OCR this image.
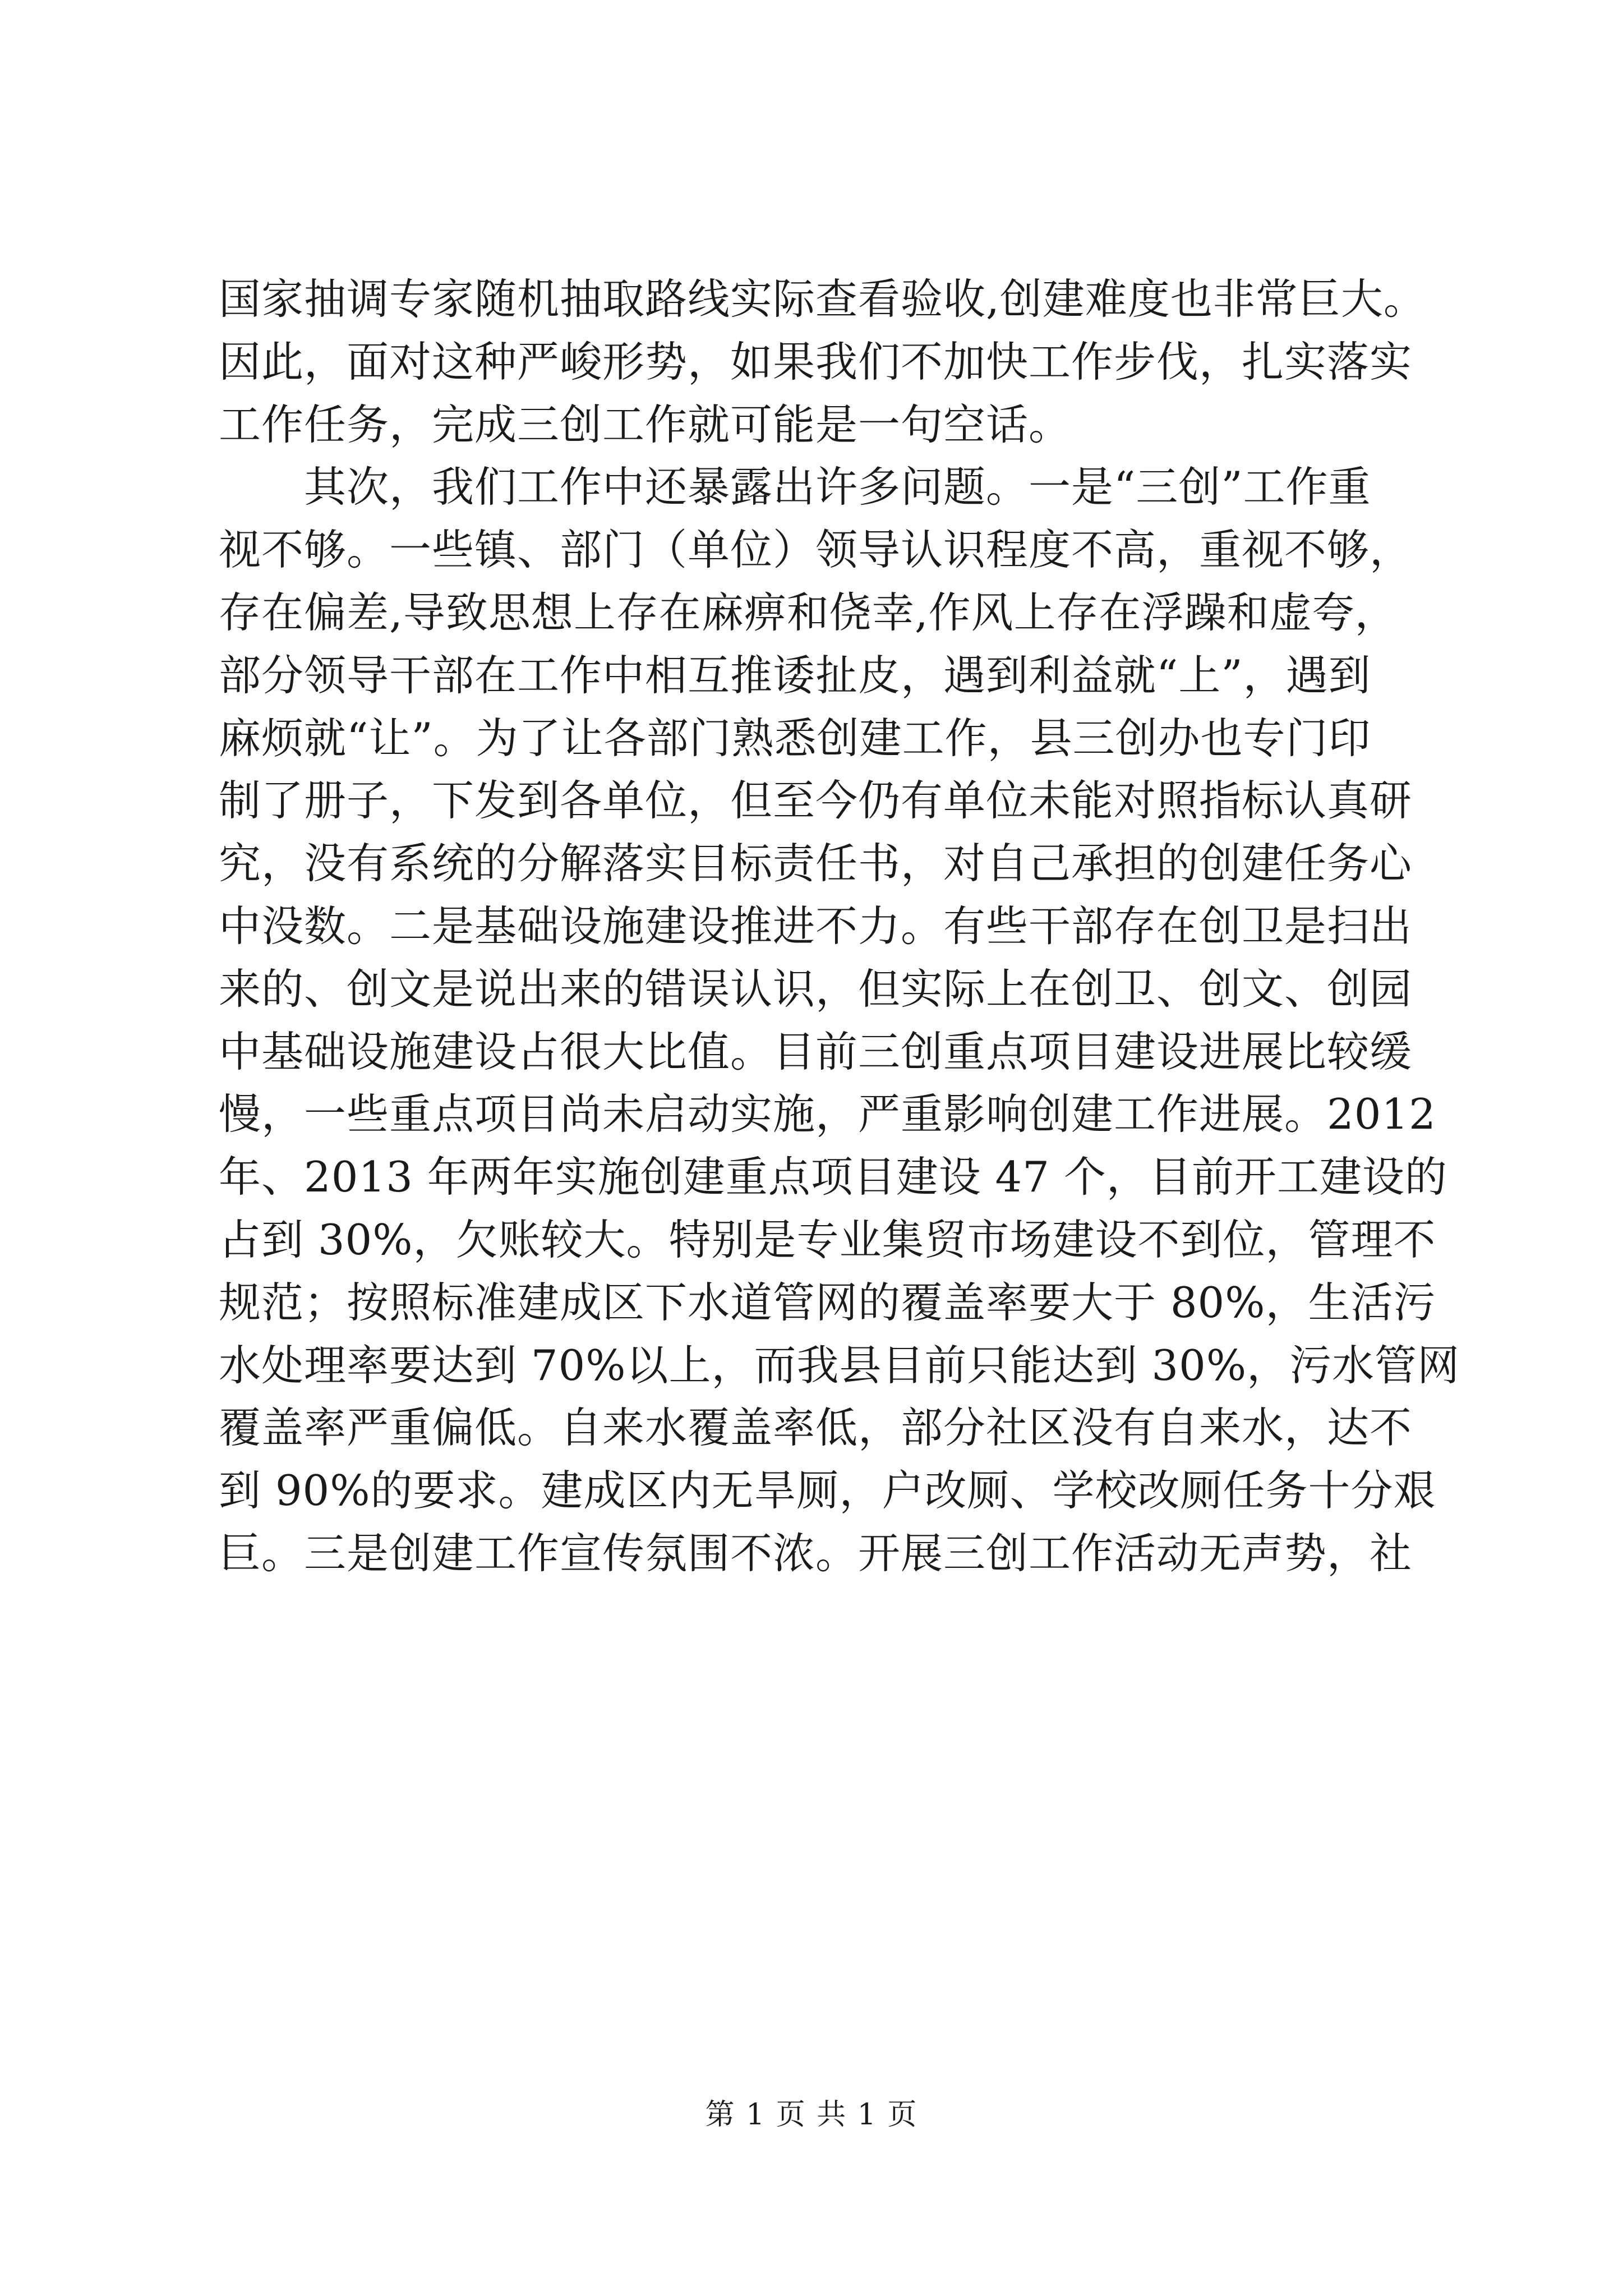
国家抽调专家随机抽取路线实际查看验收,创建难度也非常巨大。
因此，面对这种严峻形势，如果我们不加快工作步伐，扎实落实
工作任务，完成三创工作就可能是一句空话。
其次，我们工作中还暴露出许多问题。一是“三创”工作重
视不够。一些镇、部门（单位）领导认识程度不高，重视不够，
存在偏差,导致思想上存在麻痹和侥幸,作风上存在浮躁和虚夸，
部分领导干部在工作中相互推诿扯皮，遇到利益就“上”，遇到
麻烦就“让”。为了让各部门熟悉创建工作，县三创办也专门印
制了册子，下发到各单位，但至今仍有单位未能对照指标认真研
究，没有系统的分解落实目标责任书，对自己承担的创建任务心
中没数。二是基础设施建设推进不力。有些干部存在创卫是扫出
来的、创文是说出来的错误认识，但实际上在创卫、创文、创园
中基础设施建设占很大比值。目前三创重点项目建设进展比较缓
慢，一些重点项目尚未启动实施，严重影响创建工作进展。2012
年、2013 年两年实施创建重点项目建设 47 个，目前开工建设的
占到 30%，欠账较大。特别是专业集贸市场建设不到位，管理不
规范；按照标准建成区下水道管网的覆盖率要大于 80%，生活污
水处理率要达到 70%以上，而我县目前只能达到 30%，污水管网
覆盖率严重偏低。自来水覆盖率低，部分社区没有自来水，达不
到 90%的要求。建成区内无旱厕，户改厕、学校改厕任务十分艰
巨。三是创建工作宣传氛围不浓。开展三创工作活动无声势，社
第 1 页 共 1 页
